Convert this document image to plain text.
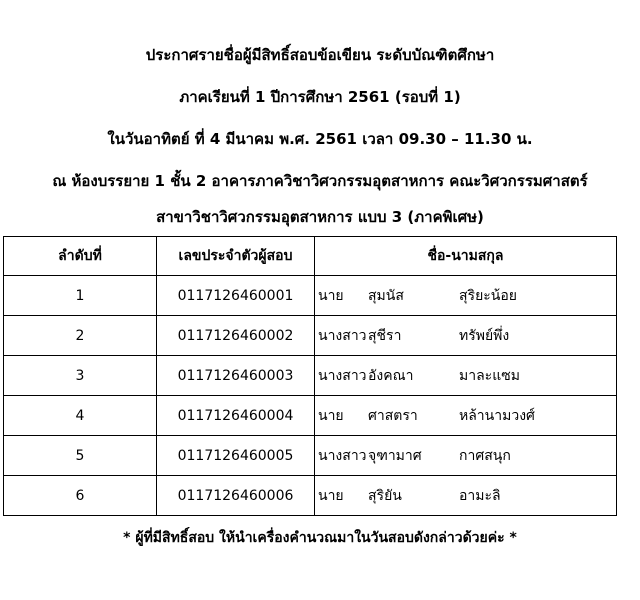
ประกาศรายชื่อผู้มีสิทธิ์สอบข้อเขียน ระดับบัณฑิตศึกษา
ภาคเรียนที่ 1 ปีการศึกษา 2561 (รอบที่ 1)
ในวันอาทิตย์ ที่ 4 มีนาคม พ.ศ. 2561 เวลา 09.30 – 11.30 น.
ณ ห้องบรรยาย 1 ชั้น 2 อาคารภาควิชาวิศวกรรมอุตสาหการ คณะวิศวกรรมศาสตร์
สาขาวิชาวิศวกรรมอุตสาหการ แบบ 3 (ภาคพิเศษ)
ลำดับที่	เลขประจำตัวผู้สอบ	ชื่อ-นามสกุล
1	0117126460001	นาย สุมนัส สุริยะน้อย

2	0117126460002	นางสาว สุชีรา ทรัพย์พึ่ง

3	0117126460003	นางสาว อังคณา มาละแซม

4	0117126460004	นาย ศาสตรา หล้านามวงศ์

5	0117126460005	นางสาว จุฑามาศ กาศสนุก

6	0117126460006	นาย สุริยัน อามะลิ
* ผู้ที่มีสิทธิ์สอบ ให้นำเครื่องคำนวณมาในวันสอบดังกล่าวด้วยค่ะ *
